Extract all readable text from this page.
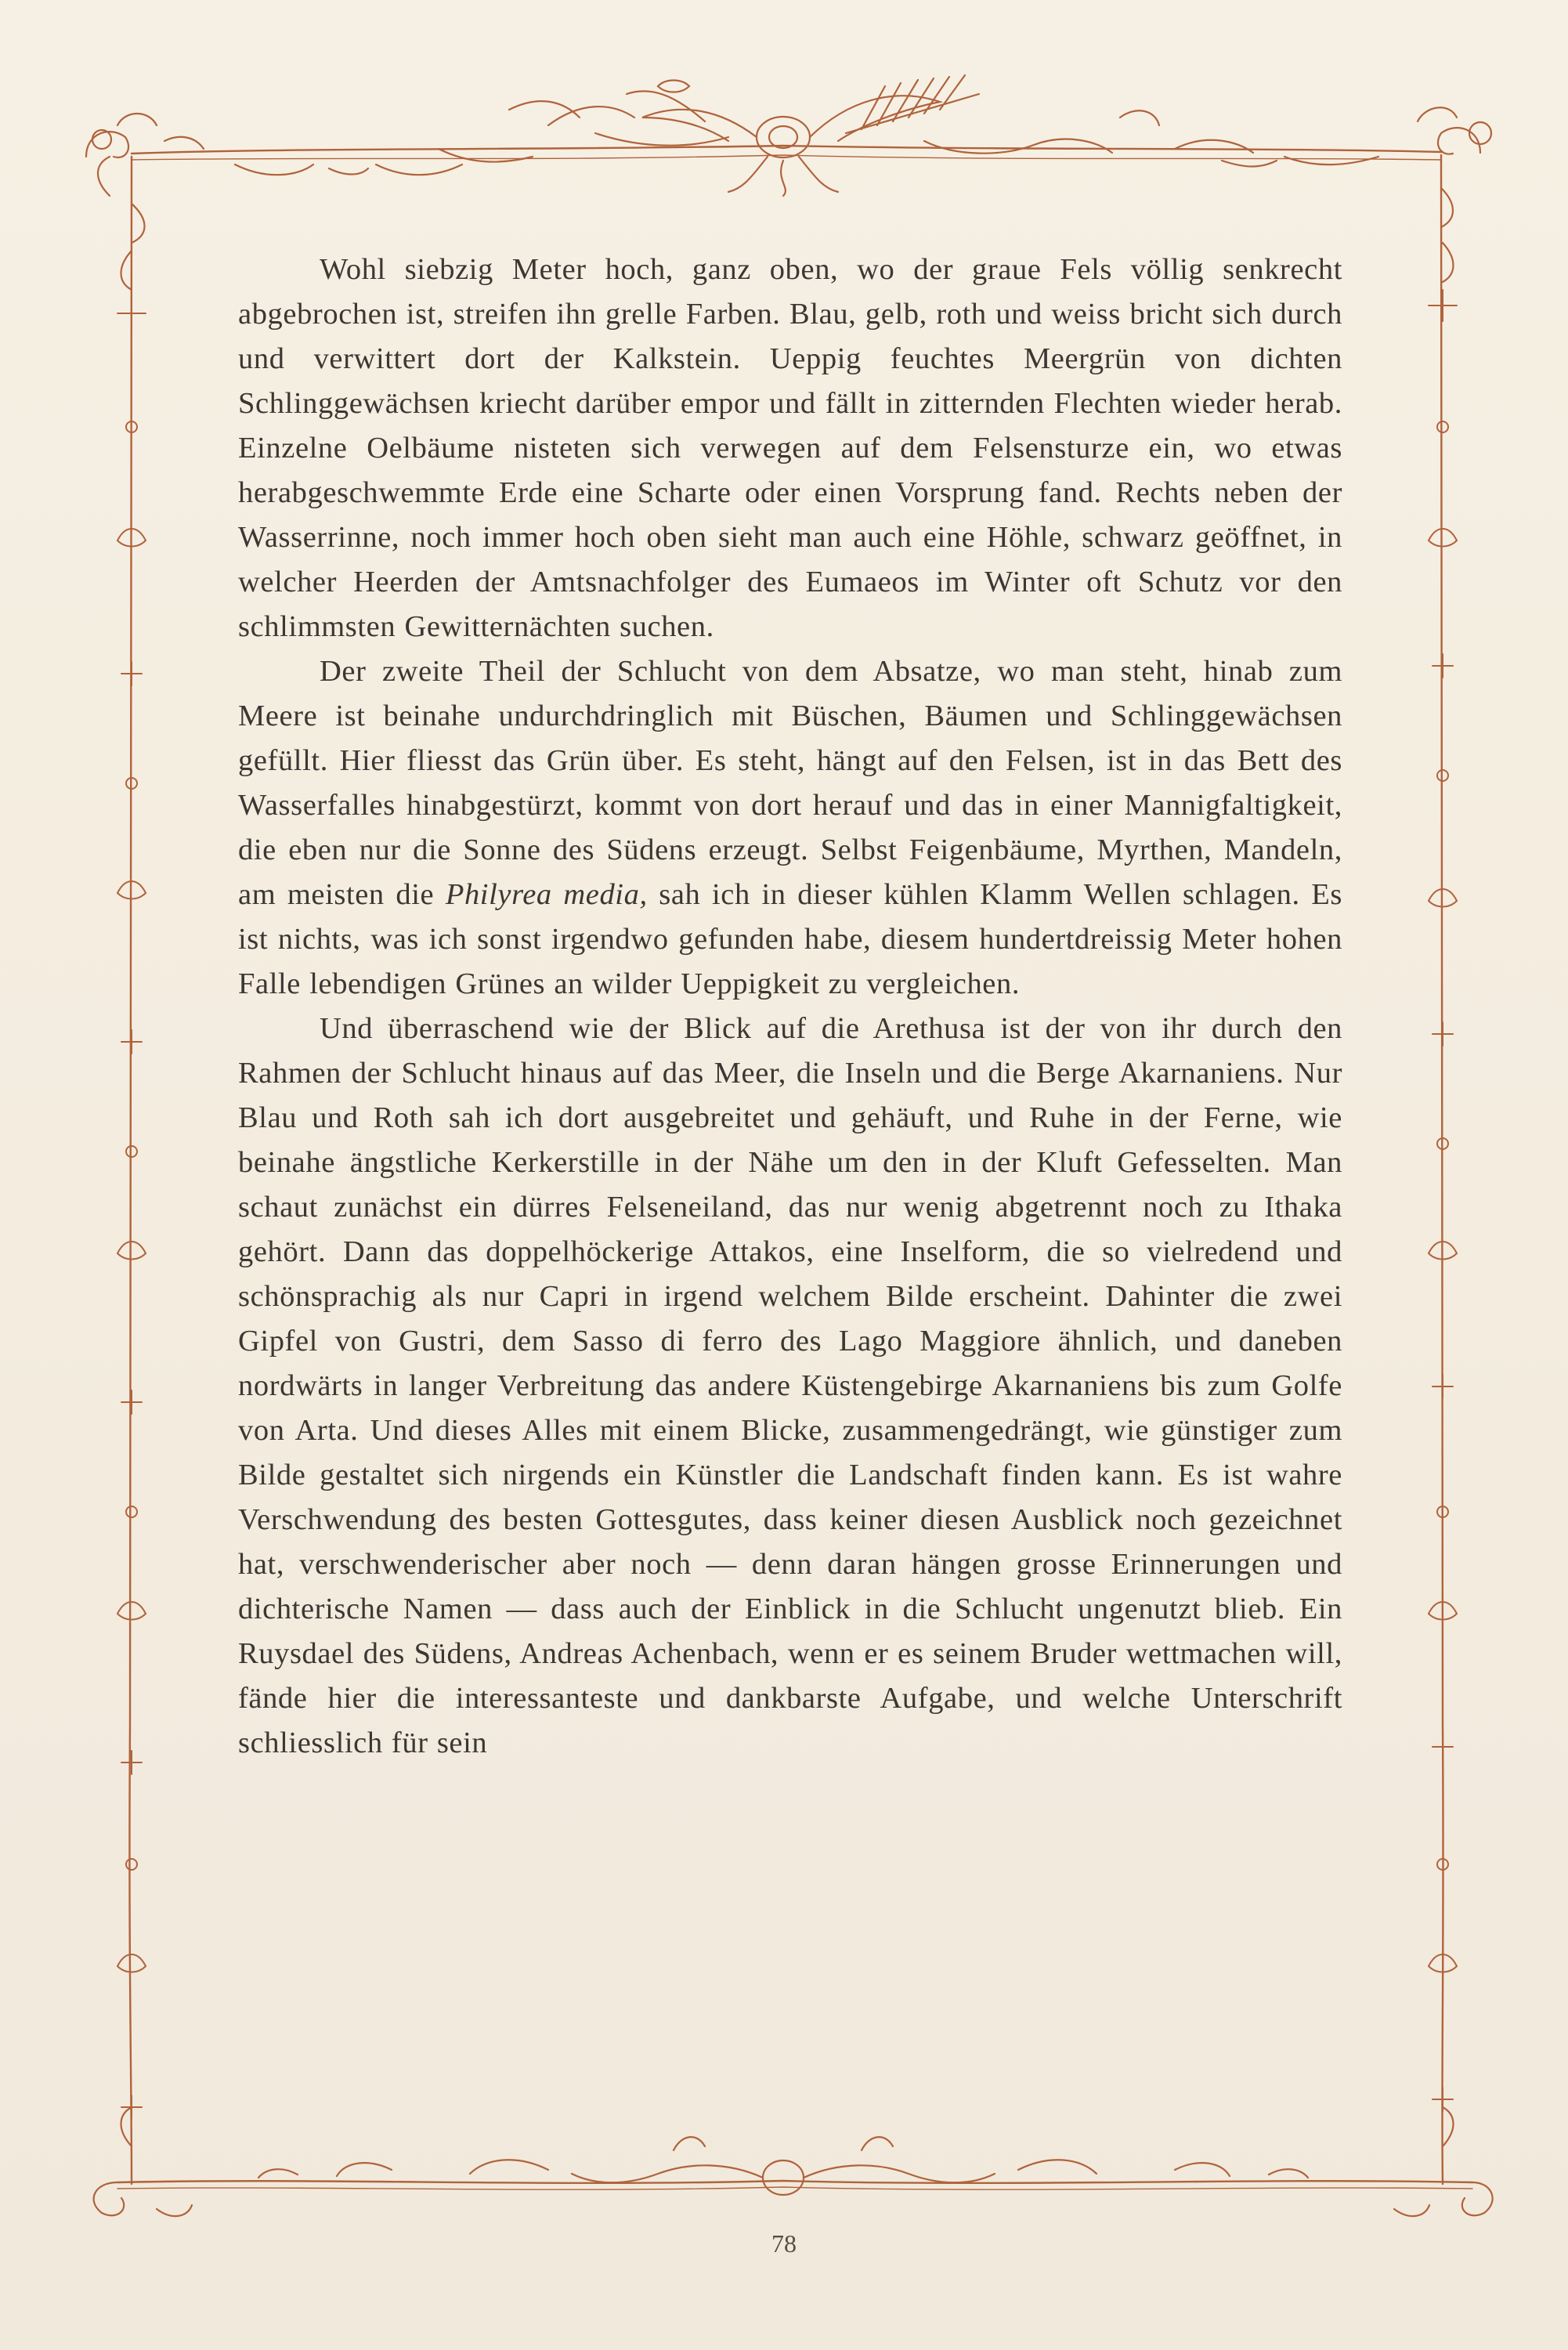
Wohl siebzig Meter hoch, ganz oben, wo der graue Fels völlig senkrecht abgebrochen ist, streifen ihn grelle Farben. Blau, gelb, roth und weiss bricht sich durch und verwittert dort der Kalkstein. Ueppig feuchtes Meergrün von dichten Schlinggewächsen kriecht darüber empor und fällt in zitternden Flechten wieder herab. Einzelne Oelbäume nisteten sich verwegen auf dem Felsensturze ein, wo etwas herabgeschwemmte Erde eine Scharte oder einen Vorsprung fand. Rechts neben der Wasserrinne, noch immer hoch oben sieht man auch eine Höhle, schwarz geöffnet, in welcher Heerden der Amtsnachfolger des Eumaeos im Winter oft Schutz vor den schlimmsten Gewitternächten suchen.

Der zweite Theil der Schlucht von dem Absatze, wo man steht, hinab zum Meere ist beinahe undurchdringlich mit Büschen, Bäumen und Schlinggewächsen gefüllt. Hier fliesst das Grün über. Es steht, hängt auf den Felsen, ist in das Bett des Wasserfalles hinabgestürzt, kommt von dort herauf und das in einer Mannigfaltigkeit, die eben nur die Sonne des Südens erzeugt. Selbst Feigenbäume, Myrthen, Mandeln, am meisten die Philyrea media, sah ich in dieser kühlen Klamm Wellen schlagen. Es ist nichts, was ich sonst irgendwo gefunden habe, diesem hundertdreissig Meter hohen Falle lebendigen Grünes an wilder Ueppigkeit zu vergleichen.

Und überraschend wie der Blick auf die Arethusa ist der von ihr durch den Rahmen der Schlucht hinaus auf das Meer, die Inseln und die Berge Akarnaniens. Nur Blau und Roth sah ich dort ausgebreitet und gehäuft, und Ruhe in der Ferne, wie beinahe ängstliche Kerkerstille in der Nähe um den in der Kluft Gefesselten. Man schaut zunächst ein dürres Felseneiland, das nur wenig abgetrennt noch zu Ithaka gehört. Dann das doppelhöckerige Attakos, eine Inselform, die so vielredend und schönsprachig als nur Capri in irgend welchem Bilde erscheint. Dahinter die zwei Gipfel von Gustri, dem Sasso di ferro des Lago Maggiore ähnlich, und daneben nordwärts in langer Verbreitung das andere Küstengebirge Akarnaniens bis zum Golfe von Arta. Und dieses Alles mit einem Blicke, zusammengedrängt, wie günstiger zum Bilde gestaltet sich nirgends ein Künstler die Landschaft finden kann. Es ist wahre Verschwendung des besten Gottesgutes, dass keiner diesen Ausblick noch gezeichnet hat, verschwenderischer aber noch — denn daran hängen grosse Erinnerungen und dichterische Namen — dass auch der Einblick in die Schlucht ungenutzt blieb. Ein Ruysdael des Südens, Andreas Achenbach, wenn er es seinem Bruder wettmachen will, fände hier die interessanteste und dankbarste Aufgabe, und welche Unterschrift schliesslich für sein

78
